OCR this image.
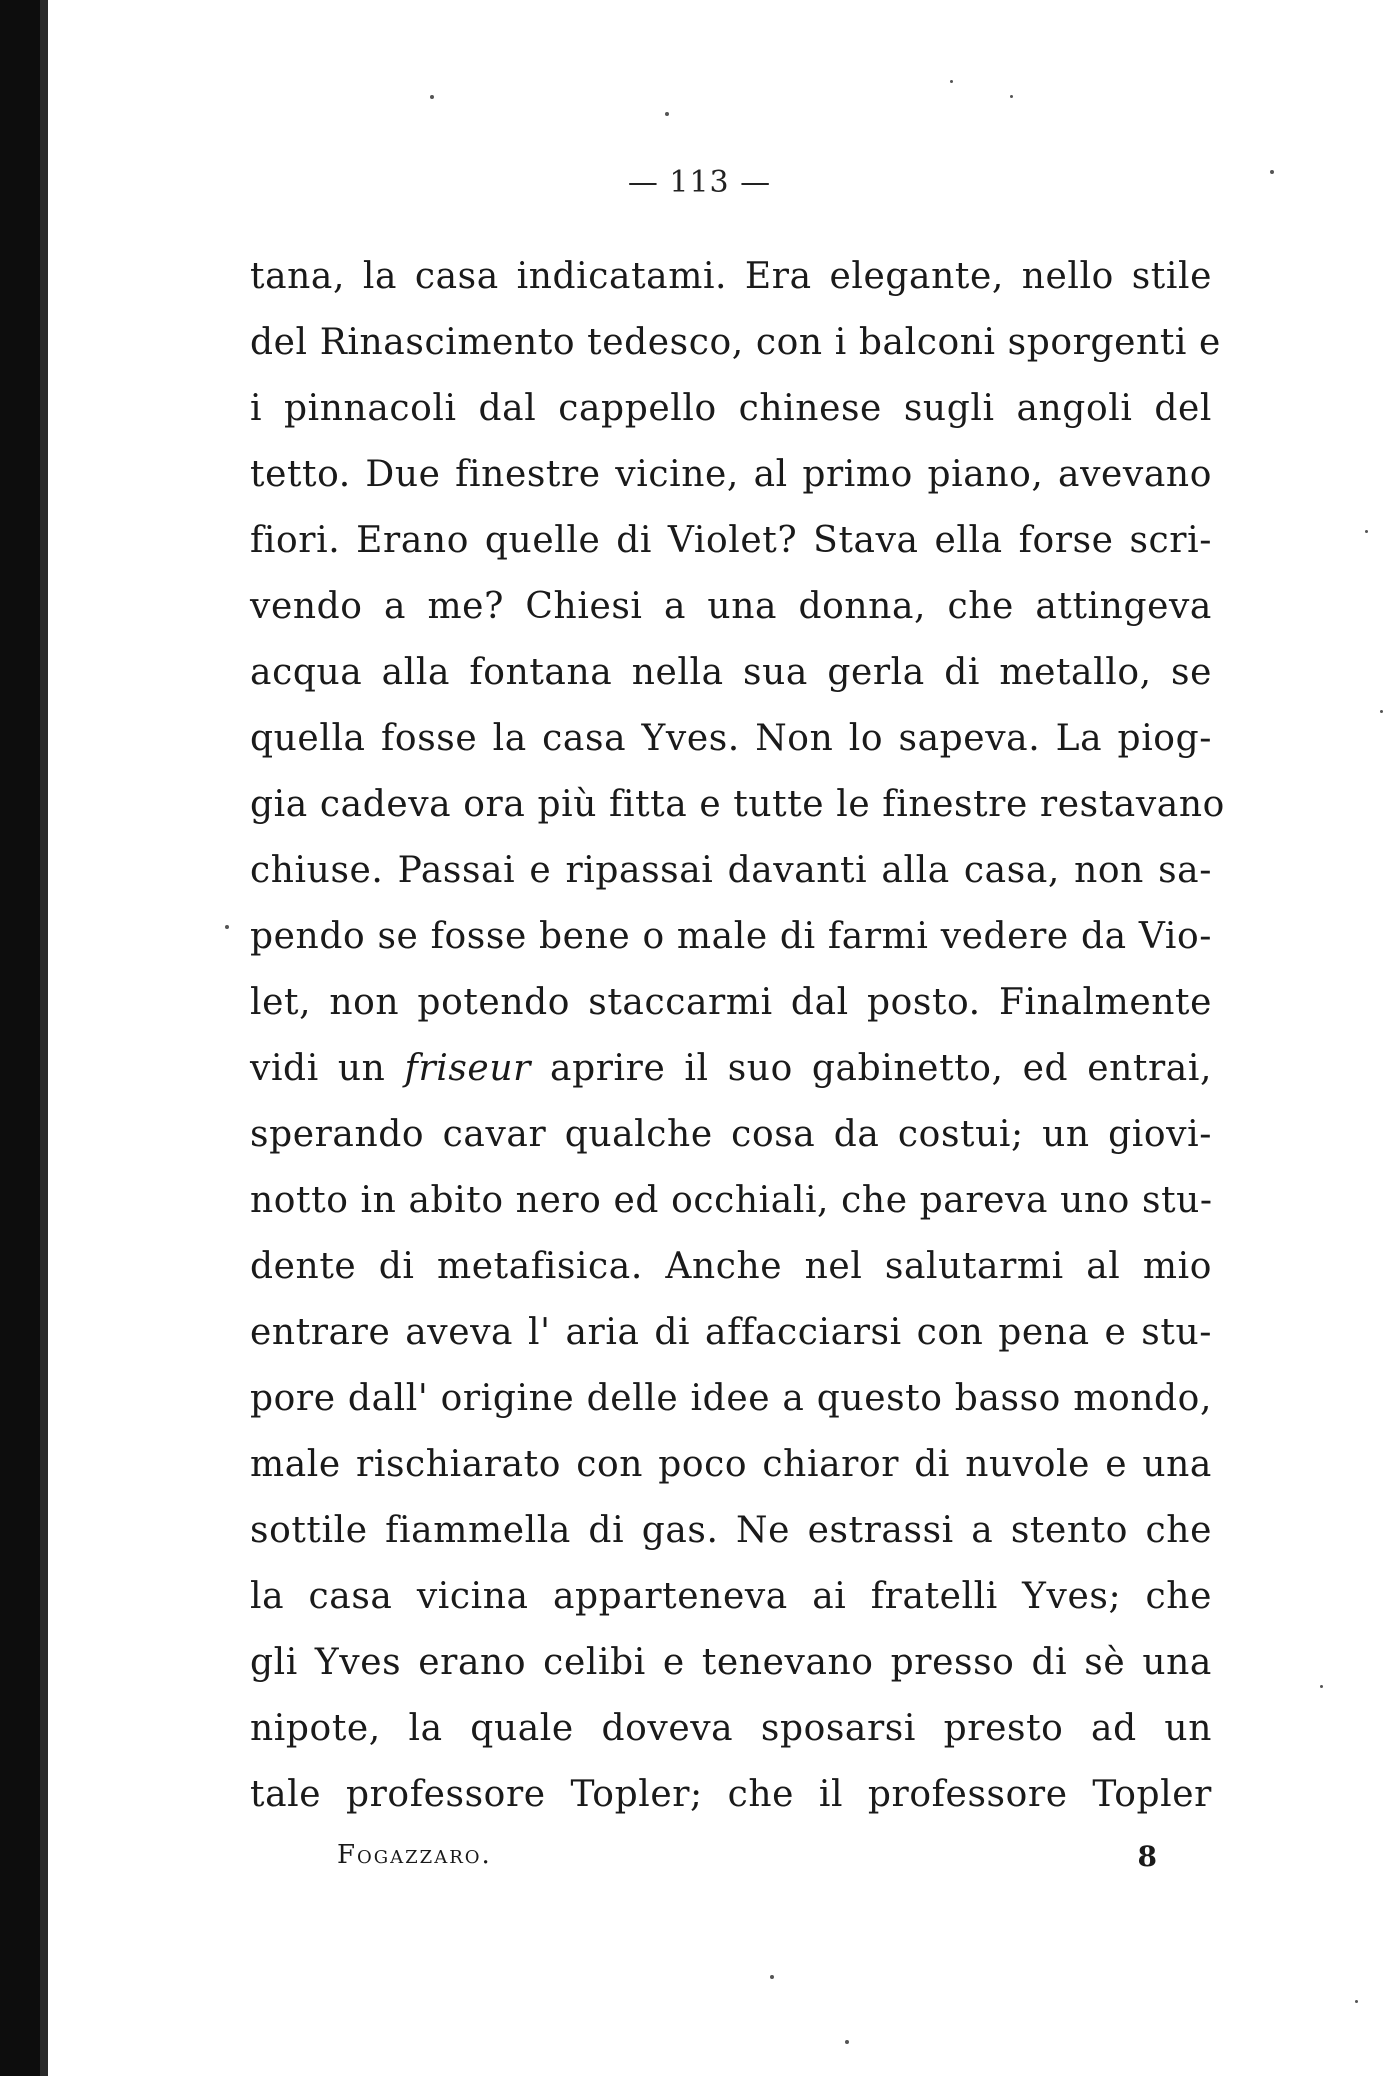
— 113 —
tana, la casa indicatami. Era elegante, nello stile
del Rinascimento tedesco, con i balconi sporgenti e
i pinnacoli dal cappello chinese sugli angoli del
tetto. Due finestre vicine, al primo piano, avevano
fiori. Erano quelle di Violet? Stava ella forse scri-
vendo a me? Chiesi a una donna, che attingeva
acqua alla fontana nella sua gerla di metallo, se
quella fosse la casa Yves. Non lo sapeva. La piog-
gia cadeva ora più fitta e tutte le finestre restavano
chiuse. Passai e ripassai davanti alla casa, non sa-
pendo se fosse bene o male di farmi vedere da Vio-
let, non potendo staccarmi dal posto. Finalmente
vidi un friseur aprire il suo gabinetto, ed entrai,
sperando cavar qualche cosa da costui; un giovi-
notto in abito nero ed occhiali, che pareva uno stu-
dente di metafisica. Anche nel salutarmi al mio
entrare aveva l' aria di affacciarsi con pena e stu-
pore dall' origine delle idee a questo basso mondo,
male rischiarato con poco chiaror di nuvole e una
sottile fiammella di gas. Ne estrassi a stento che
la casa vicina apparteneva ai fratelli Yves; che
gli Yves erano celibi e tenevano presso di sè una
nipote, la quale doveva sposarsi presto ad un
tale professore Topler; che il professore Topler
Fogazzaro.	8
